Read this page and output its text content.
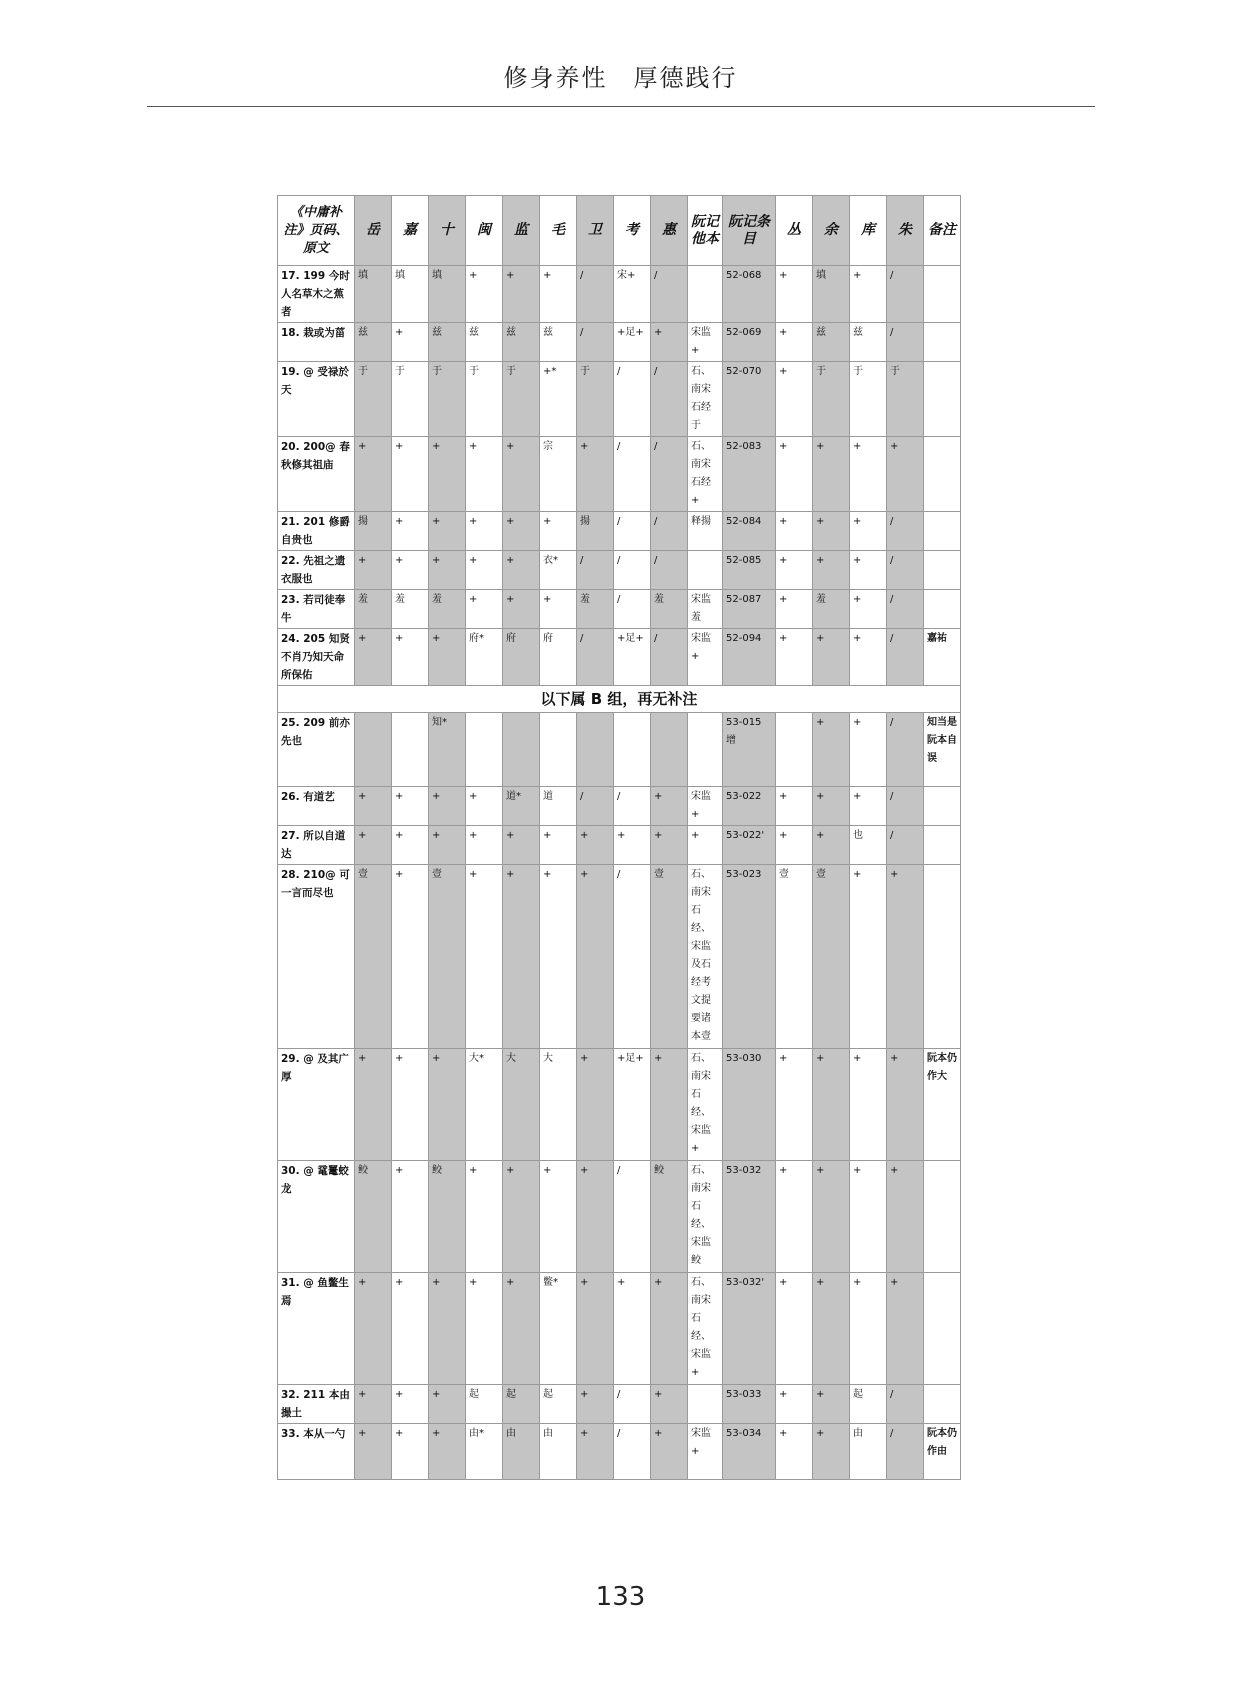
修身养性 厚德践行
《中庸补注》页码、原文	岳	嘉	十	闽	监	毛	卫	考	惠	阮记他本	阮记条目	丛	余	库	朱	备注
17. 199 今时人名草木之蕉者	填	填	填	+	+	+	/	宋+	/		52-068	+	填	+	/	
18. 栽或为菑	兹	+	兹	兹	兹	兹	/	+足+	+	宋监+	52-069	+	兹	兹	/	
19. @ 受禄於天	于	于	于	于	于	+*	于	/	/	石、南宋石经于	52-070	+	于	于	于	
20. 200@ 春秋修其祖庙	+	+	+	+	+	宗	+	/	/	石、南宋石经+	52-083	+	+	+	+	
21. 201 修爵自贵也	揚	+	+	+	+	+	揚	/	/	释揚	52-084	+	+	+	/	
22. 先祖之遗衣服也	+	+	+	+	+	衣*	/	/	/		52-085	+	+	+	/	
23. 若司徒奉牛	羞	羞	羞	+	+	+	羞	/	羞	宋监羞	52-087	+	羞	+	/	
24. 205 知贤不肖乃知天命所保佑	+	+	+	府*	府	府	/	+足+	/	宋监+	52-094	+	+	+	/	嘉祐
以下属 B 组，再无补注																
25. 209 前亦先也			知*								53-015 增		+	+	/	知当是阮本自误
26. 有道艺	+	+	+	+	道*	道	/	/	+	宋监+	53-022	+	+	+	/	
27. 所以自道达	+	+	+	+	+	+	+	+	+	+	53-022'	+	+	也	/	
28. 210@ 可一言而尽也	壹	+	壹	+	+	+	+	/	壹	石、南宋石经、宋监及石经考文提要诸本壹	53-023	壹	壹	+	+	
29. @ 及其广厚	+	+	+	大*	大	大	+	+足+	+	石、南宋石经、宋监+	53-030	+	+	+	+	阮本仍作大
30. @ 鼋鼍蛟龙	鲛	+	鲛	+	+	+	+	/	鲛	石、南宋石经、宋监鲛	53-032	+	+	+	+	
31. @ 鱼鳖生焉	+	+	+	+	+	鳖*	+	+	+	石、南宋石经、宋监+	53-032'	+	+	+	+	
32. 211 本由撮土	+	+	+	起	起	起	+	/	+		53-033	+	+	起	/	
33. 本从一勺	+	+	+	由*	由	由	+	/	+	宋监+	53-034	+	+	由	/	阮本仍作由
133
